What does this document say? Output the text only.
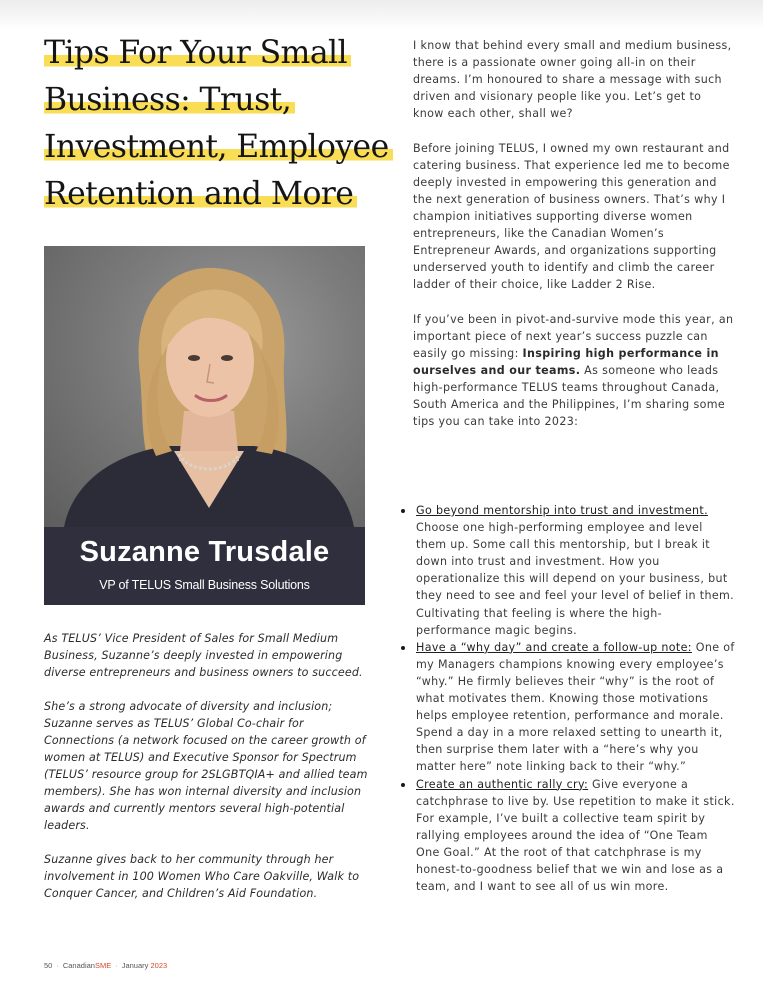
Tips For Your Small
Business: Trust,
Investment, Employee
Retention and More
Suzanne Trusdale
VP of TELUS Small Business Solutions

As TELUS’ Vice President of Sales for Small Medium Business, Suzanne’s deeply invested in empowering diverse entrepreneurs and business owners to succeed.

She’s a strong advocate of diversity and inclusion; Suzanne serves as TELUS’ Global Co-chair for Connections (a network focused on the career growth of women at TELUS) and Executive Sponsor for Spectrum (TELUS’ resource group for 2SLGBTQIA+ and allied team members). She has won internal diversity and inclusion awards and currently mentors several high-potential leaders.

Suzanne gives back to her community through her involvement in 100 Women Who Care Oakville, Walk to Conquer Cancer, and Children’s Aid Foundation.

I know that behind every small and medium business, there is a passionate owner going all-in on their dreams. I’m honoured to share a message with such driven and visionary people like you. Let’s get to know each other, shall we?

Before joining TELUS, I owned my own restaurant and catering business. That experience led me to become deeply invested in empowering this generation and the next generation of business owners. That’s why I champion initiatives supporting diverse women entrepreneurs, like the Canadian Women’s Entrepreneur Awards, and organizations supporting underserved youth to identify and climb the career ladder of their choice, like Ladder 2 Rise.

If you’ve been in pivot-and-survive mode this year, an important piece of next year’s success puzzle can easily go missing: Inspiring high performance in ourselves and our teams. As someone who leads high-performance TELUS teams throughout Canada, South America and the Philippines, I’m sharing some tips you can take into 2023:

Go beyond mentorship into trust and investment. Choose one high-performing employee and level them up. Some call this mentorship, but I break it down into trust and investment. How you operationalize this will depend on your business, but they need to see and feel your level of belief in them. Cultivating that feeling is where the high-performance magic begins.
Have a “why day” and create a follow-up note: One of my Managers champions knowing every employee’s “why.” He firmly believes their “why” is the root of what motivates them. Knowing those motivations helps employee retention, performance and morale. Spend a day in a more relaxed setting to unearth it, then surprise them later with a “here’s why you matter here” note linking back to their “why.”
Create an authentic rally cry: Give everyone a catchphrase to live by. Use repetition to make it stick. For example, I’ve built a collective team spirit by rallying employees around the idea of “One Team One Goal.” At the root of that catchphrase is my honest-to-goodness belief that we win and lose as a team, and I want to see all of us win more.
50 · CanadianSME · January 2023
